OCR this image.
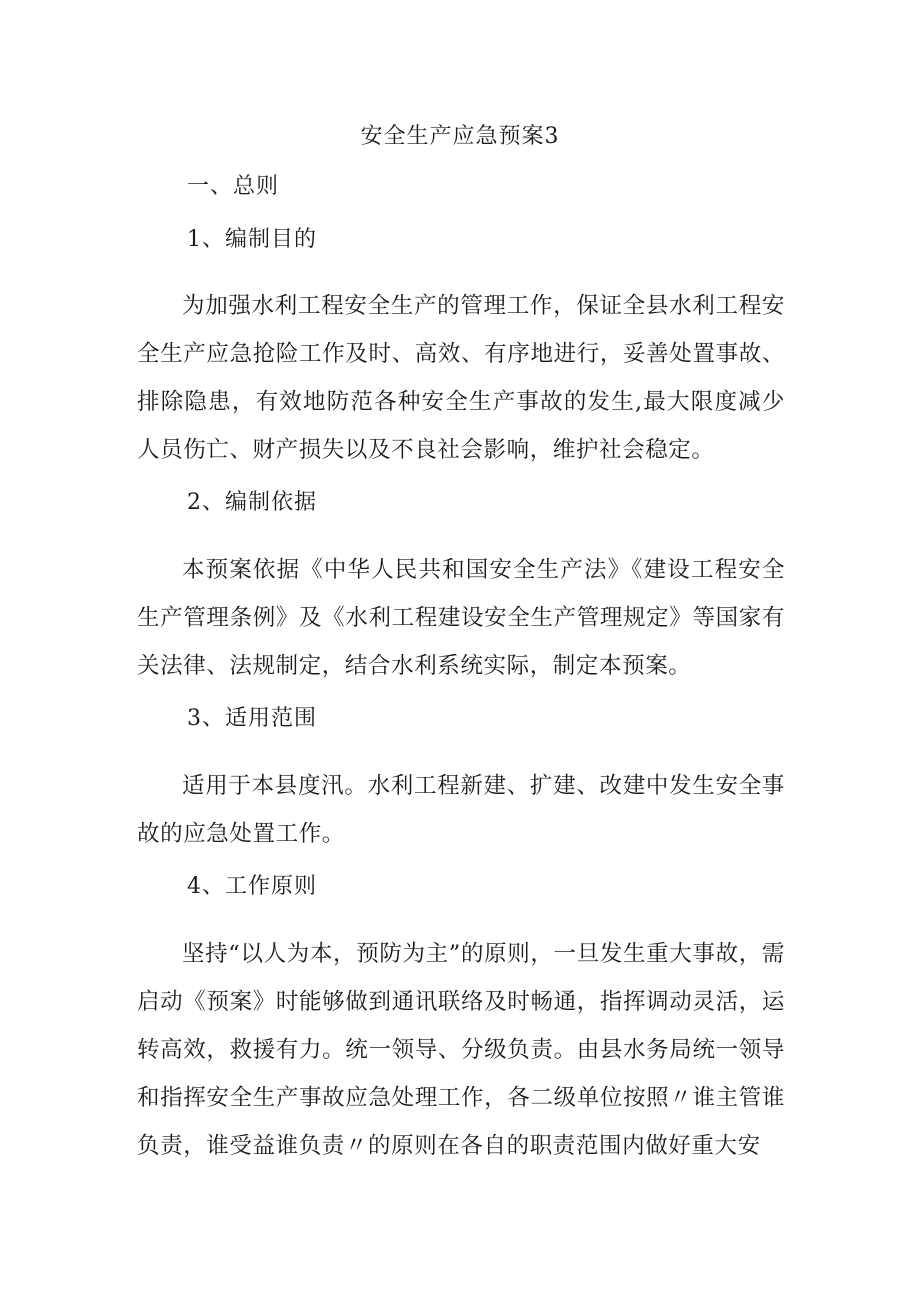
安全生产应急预案3
一、总则
1、编制目的

为加强水利工程安全生产的管理工作，保证全县水利工程安全生产应急抢险工作及时、高效、有序地进行，妥善处置事故、排除隐患，有效地防范各种安全生产事故的发生,最大限度减少人员伤亡、财产损失以及不良社会影响，维护社会稳定。

2、编制依据

本预案依据《中华人民共和国安全生产法》《建设工程安全生产管理条例》及《水利工程建设安全生产管理规定》等国家有关法律、法规制定，结合水利系统实际，制定本预案。

3、适用范围

适用于本县度汛。水利工程新建、扩建、改建中发生安全事故的应急处置工作。

4、工作原则

坚持“以人为本，预防为主”的原则，一旦发生重大事故，需启动《预案》时能够做到通讯联络及时畅通，指挥调动灵活，运转高效，救援有力。统一领导、分级负责。由县水务局统一领导和指挥安全生产事故应急处理工作，各二级单位按照〃谁主管谁负责，谁受益谁负责〃的原则在各自的职责范围内做好重大安
